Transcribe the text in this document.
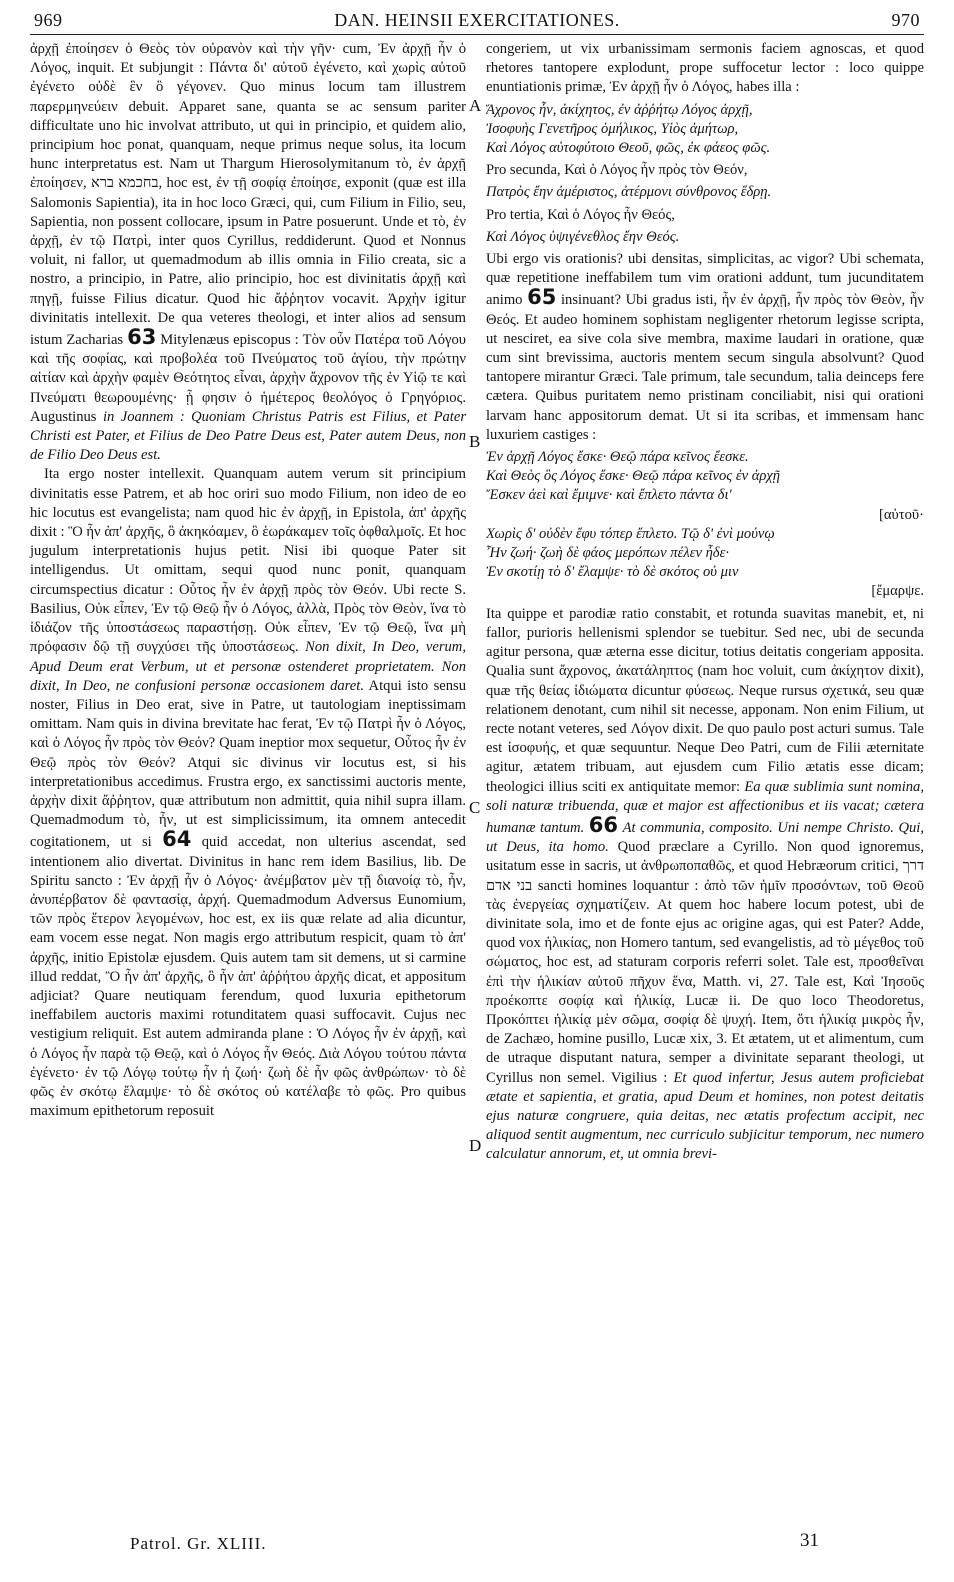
969	DAN. HEINSII EXERCITATIONES.	970
A
B
C
D

ἀρχῇ ἐποίησεν ὁ Θεὸς τὸν οὐρανὸν καὶ τὴν γῆν· cum, Ἐν ἀρχῇ ἦν ὁ Λόγος, inquit. Et subjungit : Πάντα δι' αὐτοῦ ἐγένετο, καὶ χωρὶς αὐτοῦ ἐγένετο οὐδὲ ἓν ὃ γέγονεν. Quo minus locum tam illustrem παρερμηνεύειν debuit. Apparet sane, quanta se ac sensum pariter difficultate uno hic involvat attributo, ut qui in principio, et quidem alio, principium hoc ponat, quanquam, neque primus neque solus, ita locum hunc interpretatus est. Nam ut Thargum Hierosolymitanum τὸ, ἐν ἀρχῇ ἐποίησεν, בחכמא ברא, hoc est, ἐν τῇ σοφίᾳ ἐποίησε, exponit (quæ est illa Salomonis Sapientia), ita in hoc loco Græci, qui, cum Filium in Filio, seu, Sapientia, non possent collocare, ipsum in Patre posuerunt. Unde et τὸ, ἐν ἀρχῇ, ἐν τῷ Πατρὶ, inter quos Cyrillus, reddiderunt. Quod et Nonnus voluit, ni fallor, ut quemadmodum ab illis omnia in Filio creata, sic a nostro, a principio, in Patre, alio principio, hoc est divinitatis ἀρχῇ καὶ πηγῇ, fuisse Filius dicatur. Quod hic ἄῤῥητον vocavit. Ἀρχὴν igitur divinitatis intellexit. De qua veteres theologi, et inter alios ad sensum istum Zacharias 63 Mitylenæus episcopus : Τὸν οὖν Πατέρα τοῦ Λόγου καὶ τῆς σοφίας, καὶ προβολέα τοῦ Πνεύματος τοῦ ἁγίου, τὴν πρώτην αἰτίαν καὶ ἀρχὴν φαμὲν Θεότητος εἶναι, ἀρχὴν ἄχρονον τῆς ἐν Υἱῷ τε καὶ Πνεύματι θεωρουμένης· ᾗ φησιν ὁ ἡμέτερος θεολόγος ὁ Γρηγόριος. Augustinus in Joannem : Quoniam Christus Patris est Filius, et Pater Christi est Pater, et Filius de Deo Patre Deus est, Pater autem Deus, non de Filio Deo Deus est.

Ita ergo noster intellexit. Quanquam autem verum sit principium divinitatis esse Patrem, et ab hoc oriri suo modo Filium, non ideo de eo hic locutus est evangelista; nam quod hic ἐν ἀρχῇ, in Epistola, ἀπ' ἀρχῆς dixit : Ὃ ἦν ἀπ' ἀρχῆς, ὃ ἀκηκόαμεν, ὃ ἑωράκαμεν τοῖς ὀφθαλμοῖς. Et hoc jugulum interpretationis hujus petit. Nisi ibi quoque Pater sit intelligendus. Ut omittam, sequi quod nunc ponit, quanquam circumspectius dicatur : Οὗτος ἦν ἐν ἀρχῇ πρὸς τὸν Θεόν. Ubi recte S. Basilius, Οὐκ εἶπεν, Ἐν τῷ Θεῷ ἦν ὁ Λόγος, ἀλλὰ, Πρὸς τὸν Θεὸν, ἵνα τὸ ἰδιάζον τῆς ὑποστάσεως παραστήσῃ. Οὐκ εἶπεν, Ἐν τῷ Θεῷ, ἵνα μὴ πρόφασιν δῷ τῇ συγχύσει τῆς ὑποστάσεως. Non dixit, In Deo, verum, Apud Deum erat Verbum, ut et personæ ostenderet proprietatem. Non dixit, In Deo, ne confusioni personæ occasionem daret. Atqui isto sensu noster, Filius in Deo erat, sive in Patre, ut tautologiam ineptissimam omittam. Nam quis in divina brevitate hac ferat, Ἐν τῷ Πατρὶ ἦν ὁ Λόγος, καὶ ὁ Λόγος ἦν πρὸς τὸν Θεόν? Quam ineptior mox sequetur, Οὗτος ἦν ἐν Θεῷ πρὸς τὸν Θεόν? Atqui sic divinus vir locutus est, si his interpretationibus accedimus. Frustra ergo, ex sanctissimi auctoris mente, ἀρχὴν dixit ἄῤῥητον, quæ attributum non admittit, quia nihil supra illam. Quemadmodum τὸ, ἦν, ut est simplicissimum, ita omnem antecedit cogitationem, ut si 64 quid accedat, non ulterius ascendat, sed intentionem alio divertat. Divinitus in hanc rem idem Basilius, lib. De Spiritu sancto : Ἐν ἀρχῇ ἦν ὁ Λόγος· ἀνέμβατον μὲν τῇ διανοίᾳ τὸ, ἦν, ἀνυπέρβατον δὲ φαντασίᾳ, ἀρχή. Quemadmodum Adversus Eunomium, τῶν πρὸς ἕτερον λεγομένων, hoc est, ex iis quæ relate ad alia dicuntur, eam vocem esse negat. Non magis ergo attributum respicit, quam τὸ ἀπ' ἀρχῆς, initio Epistolæ ejusdem. Quis autem tam sit demens, ut si carmine illud reddat, Ὃ ἦν ἀπ' ἀρχῆς, ὃ ἦν ἀπ' ἀῤῥήτου ἀρχῆς dicat, et appositum adjiciat? Quare neutiquam ferendum, quod luxuria epithetorum ineffabilem auctoris maximi rotunditatem quasi suffocavit. Cujus nec vestigium reliquit. Est autem admiranda plane : Ὁ Λόγος ἦν ἐν ἀρχῇ, καὶ ὁ Λόγος ἦν παρὰ τῷ Θεῷ, καὶ ὁ Λόγος ἦν Θεός. Διὰ Λόγου τούτου πάντα ἐγένετο· ἐν τῷ Λόγῳ τούτῳ ἦν ἡ ζωή· ζωὴ δὲ ἦν φῶς ἀνθρώπων· τὸ δὲ φῶς ἐν σκότῳ ἔλαμψε· τὸ δὲ σκότος οὐ κατέλαβε τὸ φῶς. Pro quibus maximum epithetorum reposuit

congeriem, ut vix urbanissimam sermonis faciem agnoscas, et quod rhetores tantopere explodunt, prope suffocetur lector : loco quippe enuntiationis primæ, Ἐν ἀρχῇ ἦν ὁ Λόγος, habes illa :

Ἄχρονος ἦν, ἀκίχητος, ἐν ἀῤῥήτῳ Λόγος ἀρχῇ,
Ἰσοφυὴς Γενετῆρος ὁμήλικος, Υἱὸς ἀμήτωρ,
Καὶ Λόγος αὐτοφύτοιο Θεοῦ, φῶς, ἐκ φάεος φῶς.

Pro secunda, Καὶ ὁ Λόγος ἦν πρὸς τὸν Θεόν,

Πατρὸς ἔην ἀμέριστος, ἀτέρμονι σύνθρονος ἕδρῃ.

Pro tertia, Καὶ ὁ Λόγος ἦν Θεός,

Καὶ Λόγος ὑψιγένεθλος ἔην Θεός.

Ubi ergo vis orationis? ubi densitas, simplicitas, ac vigor? Ubi schemata, quæ repetitione ineffabilem tum vim orationi addunt, tum jucunditatem animo 65 insinuant? Ubi gradus isti, ἦν ἐν ἀρχῇ, ἦν πρὸς τὸν Θεὸν, ἦν Θεός. Et audeo hominem sophistam negligenter rhetorum legisse scripta, ut nesciret, ea sive cola sive membra, maxime laudari in oratione, quæ cum sint brevissima, auctoris mentem secum singula absolvunt? Quod tantopere mirantur Græci. Tale primum, tale secundum, talia deinceps fere cætera. Quibus puritatem nemo pristinam conciliabit, nisi qui orationi larvam hanc appositorum demat. Ut si ita scribas, et immensam hanc luxuriem castiges :

Ἐν ἀρχῇ Λόγος ἔσκε· Θεῷ πάρα κεῖνος ἔεσκε.
Καὶ Θεὸς ὃς Λόγος ἔσκε· Θεῷ πάρα κεῖνος ἐν ἀρχῇ
Ἔσκεν ἀεὶ καὶ ἔμιμνε· καὶ ἔπλετο πάντα δι'
[αὐτοῦ·
Χωρὶς δ' οὐδὲν ἔφυ τόπερ ἔπλετο. Τῷ δ' ἐνὶ μούνῳ
Ἦν ζωή· ζωὴ δὲ φάος μερόπων πέλεν ἦδε·
Ἐν σκοτίῃ τὸ δ' ἔλαμψε· τὸ δὲ σκότος οὐ μιν
[ἔμαρψε.

Ita quippe et parodiæ ratio constabit, et rotunda suavitas manebit, et, ni fallor, purioris hellenismi splendor se tuebitur. Sed nec, ubi de secunda agitur persona, quæ æterna esse dicitur, totius deitatis congeriam apposita. Qualia sunt ἄχρονος, ἀκατάληπτος (nam hoc voluit, cum ἀκίχητον dixit), quæ τῆς θείας ἰδιώματα dicuntur φύσεως. Neque rursus σχετικά, seu quæ relationem denotant, cum nihil sit necesse, apponam. Non enim Filium, ut recte notant veteres, sed Λόγον dixit. De quo paulo post acturi sumus. Tale est ἰσοφυής, et quæ sequuntur. Neque Deo Patri, cum de Filii æternitate agitur, ætatem tribuam, aut ejusdem cum Filio ætatis esse dicam; theologici illius sciti ex antiquitate memor: Ea quæ sublimia sunt nomina, soli naturæ tribuenda, quæ et major est affectionibus et iis vacat; cætera humanæ tantum. 66 At communia, composito. Uni nempe Christo. Qui, ut Deus, ita homo. Quod præclare a Cyrillo. Non quod ignoremus, usitatum esse in sacris, ut ἀνθρωποπαθῶς, et quod Hebræorum critici, דרך בני אדם sancti homines loquantur : ἀπὸ τῶν ἡμῖν προσόντων, τοῦ Θεοῦ τὰς ἐνεργείας σχηματίζειν. At quem hoc habere locum potest, ubi de divinitate sola, imo et de fonte ejus ac origine agas, qui est Pater? Adde, quod vox ἡλικίας, non Homero tantum, sed evangelistis, ad τὸ μέγεθος τοῦ σώματος, hoc est, ad staturam corporis referri solet. Tale est, προσθεῖναι ἐπὶ τὴν ἡλικίαν αὐτοῦ πῆχυν ἕνα, Matth. vi, 27. Tale est, Καὶ Ἰησοῦς προέκοπτε σοφίᾳ καὶ ἡλικίᾳ, Lucæ ii. De quo loco Theodoretus, Προκόπτει ἡλικίᾳ μὲν σῶμα, σοφίᾳ δὲ ψυχή. Item, ὅτι ἡλικίᾳ μικρὸς ἦν, de Zachæo, homine pusillo, Lucæ xix, 3. Et ætatem, ut et alimentum, cum de utraque disputant natura, semper a divinitate separant theologi, ut Cyrillus non semel. Vigilius : Et quod infertur, Jesus autem proficiebat ætate et sapientia, et gratia, apud Deum et homines, non potest deitatis ejus naturæ congruere, quia deitas, nec ætatis profectum accipit, nec aliquod sentit augmentum, nec curriculo subjicitur temporum, nec numero calculatur annorum, et, ut omnia brevi-

Patrol. Gr. XLIII.	31
